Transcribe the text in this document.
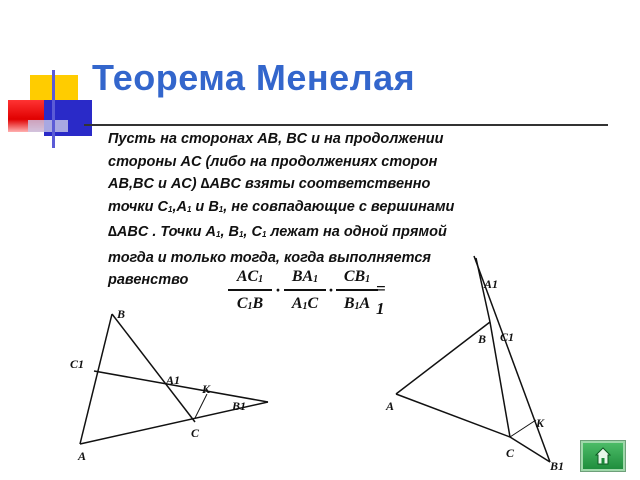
Теорема Менелая
Пусть на сторонах AB, BC и на продолжении
стороны AC (либо на продолжениях сторон
AB,BC и AC) ∆ABC взяты соответственно
точки $C_1,A_1$ и $B_1$, не совпадающие с вершинами
∆ABC . Точки $A_1$, $B_1$, $C_1$ лежат на одной прямой
тогда и только тогда, когда выполняется
равенство	$AC_1$
$C_1B$
·
$BA_1$
$A_1C$
·
$CB_1$
$B_1A$
= 1
B
C1
A1
K
B1
C
A
A1
C1
B
A
K
C
B1
